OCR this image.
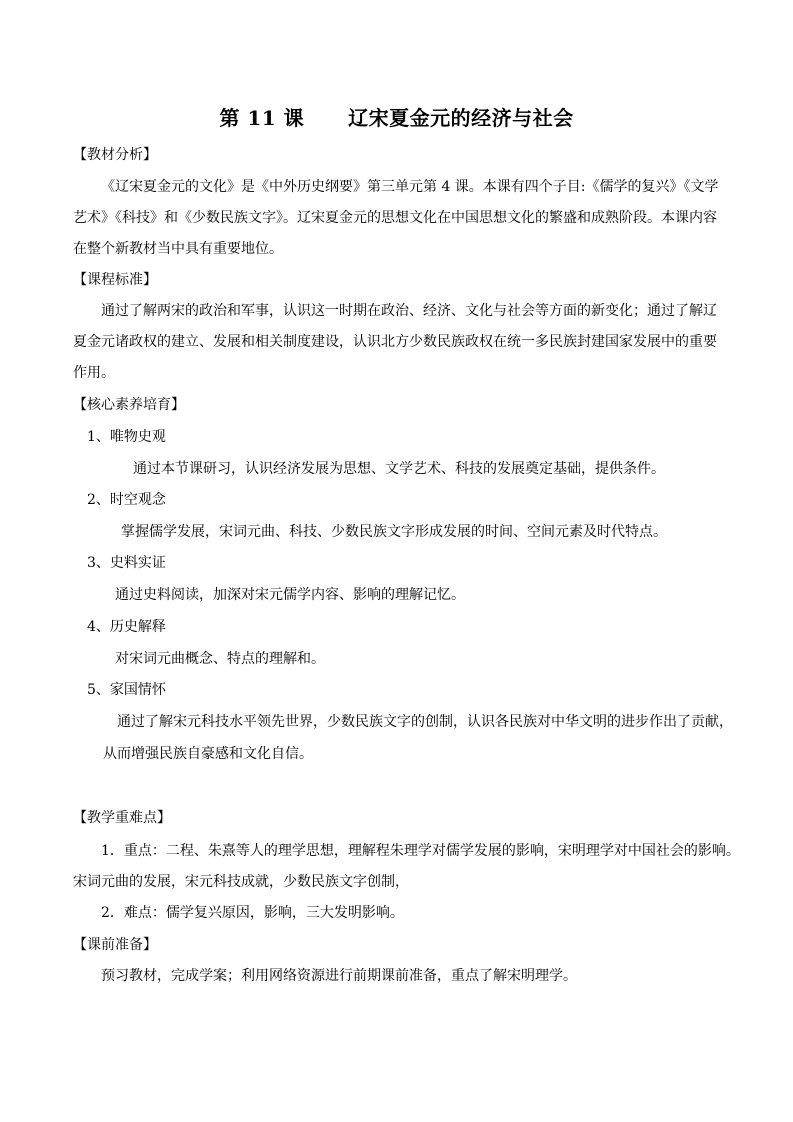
第 11 课 辽宋夏金元的经济与社会
【教材分析】
《辽宋夏金元的文化》是《中外历史纲要》第三单元第 4 课。本课有四个子目:《儒学的复兴》《文学艺术》《科技》和《少数民族文字》。辽宋夏金元的思想文化在中国思想文化的繁盛和成熟阶段。本课内容在整个新教材当中具有重要地位。
【课程标准】
通过了解两宋的政治和军事，认识这一时期在政治、经济、文化与社会等方面的新变化；通过了解辽夏金元诸政权的建立、发展和相关制度建设，认识北方少数民族政权在统一多民族封建国家发展中的重要作用。
【核心素养培育】
1、唯物史观
通过本节课研习，认识经济发展为思想、文学艺术、科技的发展奠定基础，提供条件。
2、时空观念
掌握儒学发展，宋词元曲、科技、少数民族文字形成发展的时间、空间元素及时代特点。
3、史料实证
通过史料阅读，加深对宋元儒学内容、影响的理解记忆。
4、历史解释
对宋词元曲概念、特点的理解和。
5、家国情怀
通过了解宋元科技水平领先世界，少数民族文字的创制，认识各民族对中华文明的进步作出了贡献，
从而增强民族自豪感和文化自信。
【教学重难点】
1．重点：二程、朱熹等人的理学思想，理解程朱理学对儒学发展的影响，宋明理学对中国社会的影响。
宋词元曲的发展，宋元科技成就，少数民族文字创制，
2．难点：儒学复兴原因，影响，三大发明影响。
【课前准备】
预习教材，完成学案；利用网络资源进行前期课前准备，重点了解宋明理学。
